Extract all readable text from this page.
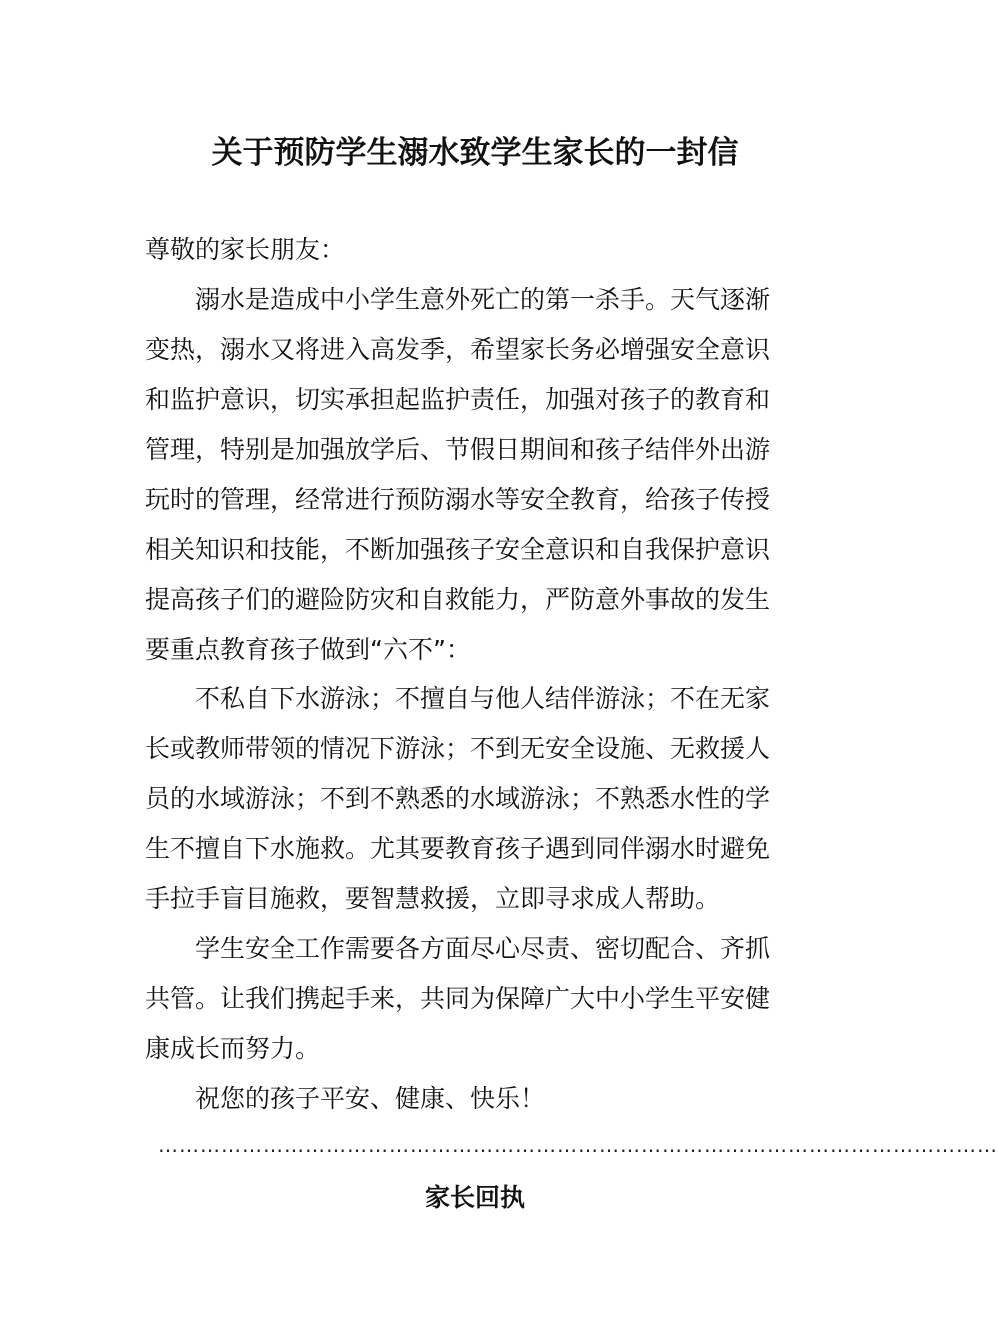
关于预防学生溺水致学生家长的一封信

尊敬的家长朋友：

溺水是造成中小学生意外死亡的第一杀手。天气逐渐
变热，溺水又将进入高发季，希望家长务必增强安全意识
和监护意识，切实承担起监护责任，加强对孩子的教育和
管理，特别是加强放学后、节假日期间和孩子结伴外出游
玩时的管理，经常进行预防溺水等安全教育，给孩子传授
相关知识和技能，不断加强孩子安全意识和自我保护意识
提高孩子们的避险防灾和自救能力，严防意外事故的发生
要重点教育孩子做到“六不”：
不私自下水游泳；不擅自与他人结伴游泳；不在无家
长或教师带领的情况下游泳；不到无安全设施、无救援人
员的水域游泳；不到不熟悉的水域游泳；不熟悉水性的学
生不擅自下水施救。尤其要教育孩子遇到同伴溺水时避免
手拉手盲目施救，要智慧救援，立即寻求成人帮助。
学生安全工作需要各方面尽心尽责、密切配合、齐抓
共管。让我们携起手来，共同为保障广大中小学生平安健
康成长而努力。
祝您的孩子平安、健康、快乐！
…………………………………………………………………………………………………………
家长回执
